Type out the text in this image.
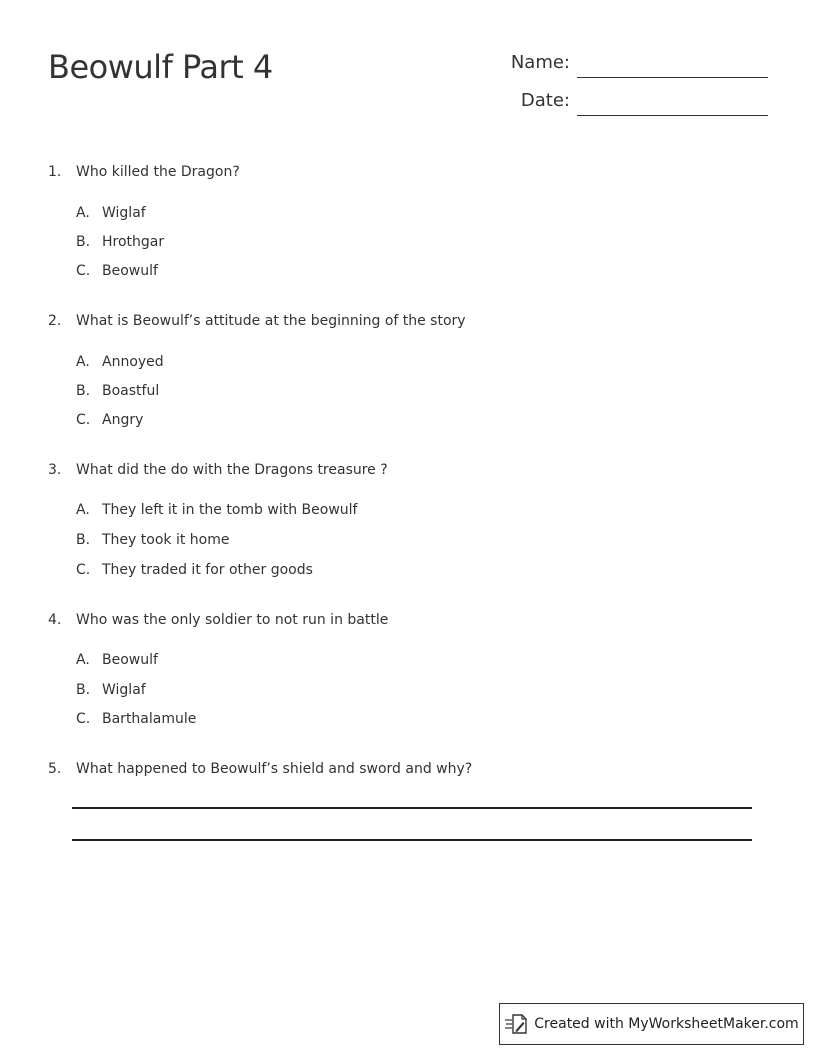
Beowulf Part 4	Name:
Date:
1.	Who killed the Dragon?
A. Wiglaf
B. Hrothgar
C. Beowulf
2.	What is Beowulf’s attitude at the beginning of the story
A. Annoyed
B. Boastful
C. Angry
3.	What did the do with the Dragons treasure ?
A. They left it in the tomb with Beowulf
B. They took it home
C. They traded it for other goods
4.	Who was the only soldier to not run in battle
A. Beowulf
B. Wiglaf
C. Barthalamule
5.	What happened to Beowulf’s shield and sword and why?
Created with MyWorksheetMaker.com
